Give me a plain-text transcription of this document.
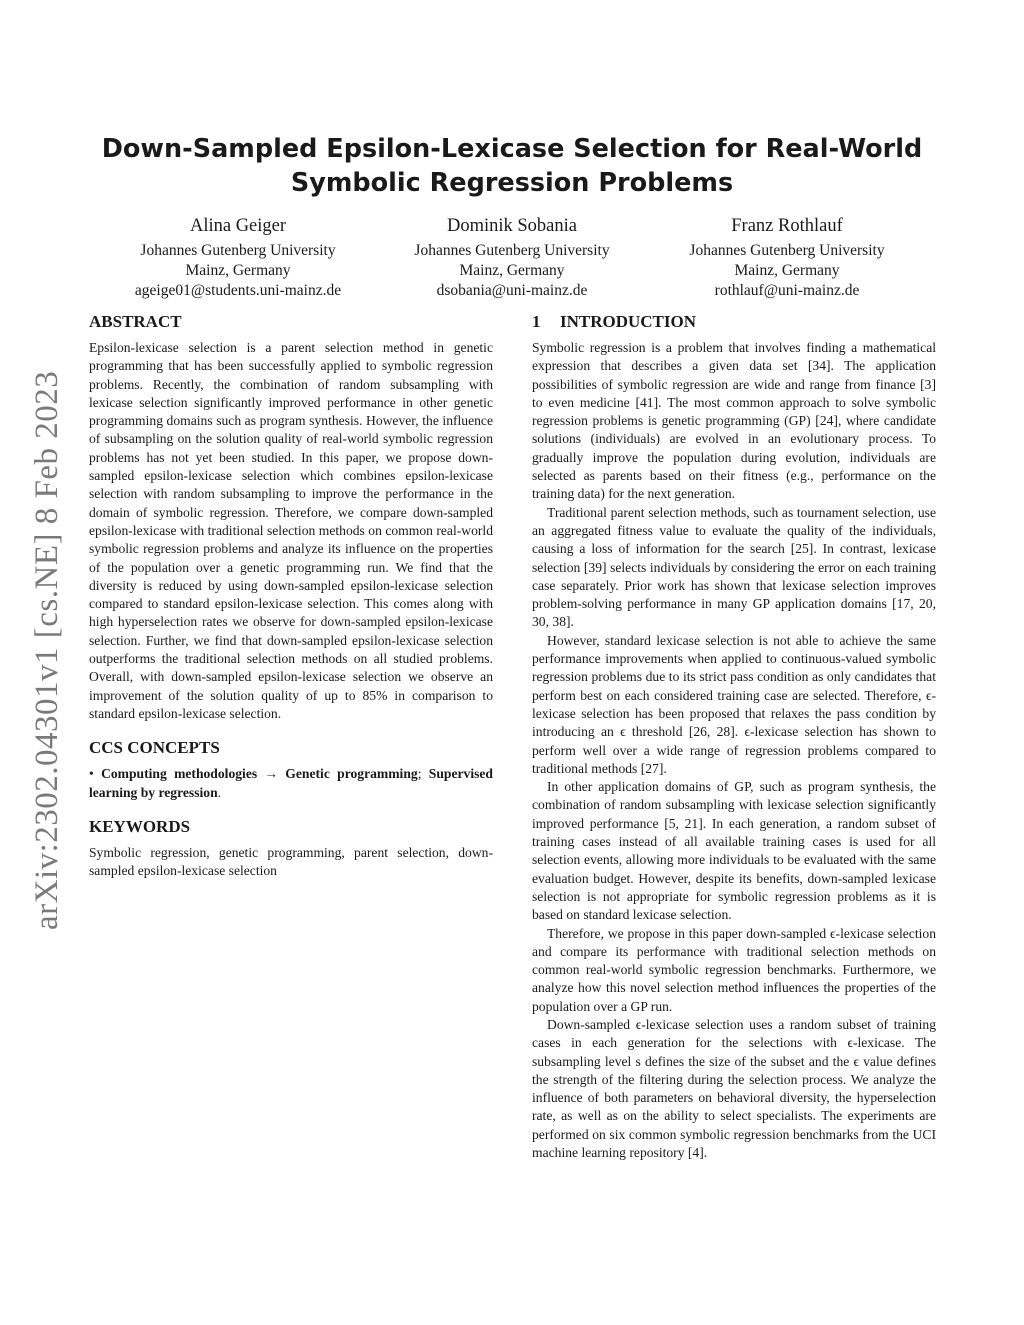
arXiv:2302.04301v1 [cs.NE] 8 Feb 2023
Down-Sampled Epsilon-Lexicase Selection for Real-World
Symbolic Regression Problems
Alina Geiger
Johannes Gutenberg University
Mainz, Germany
ageige01@students.uni-mainz.de
Dominik Sobania
Johannes Gutenberg University
Mainz, Germany
dsobania@uni-mainz.de
Franz Rothlauf
Johannes Gutenberg University
Mainz, Germany
rothlauf@uni-mainz.de
ABSTRACT

Epsilon-lexicase selection is a parent selection method in genetic programming that has been successfully applied to symbolic regression problems. Recently, the combination of random subsampling with lexicase selection significantly improved performance in other genetic programming domains such as program synthesis. However, the influence of subsampling on the solution quality of real-world symbolic regression problems has not yet been studied. In this paper, we propose down-sampled epsilon-lexicase selection which combines epsilon-lexicase selection with random subsampling to improve the performance in the domain of symbolic regression. Therefore, we compare down-sampled epsilon-lexicase with traditional selection methods on common real-world symbolic regression problems and analyze its influence on the properties of the population over a genetic programming run. We find that the diversity is reduced by using down-sampled epsilon-lexicase selection compared to standard epsilon-lexicase selection. This comes along with high hyperselection rates we observe for down-sampled epsilon-lexicase selection. Further, we find that down-sampled epsilon-lexicase selection outperforms the traditional selection methods on all studied problems. Overall, with down-sampled epsilon-lexicase selection we observe an improvement of the solution quality of up to 85% in comparison to standard epsilon-lexicase selection.

CCS CONCEPTS

• Computing methodologies → Genetic programming; Supervised learning by regression.

KEYWORDS

Symbolic regression, genetic programming, parent selection, down-sampled epsilon-lexicase selection

1 INTRODUCTION

Symbolic regression is a problem that involves finding a mathematical expression that describes a given data set [34]. The application possibilities of symbolic regression are wide and range from finance [3] to even medicine [41]. The most common approach to solve symbolic regression problems is genetic programming (GP) [24], where candidate solutions (individuals) are evolved in an evolutionary process. To gradually improve the population during evolution, individuals are selected as parents based on their fitness (e.g., performance on the training data) for the next generation.

Traditional parent selection methods, such as tournament selection, use an aggregated fitness value to evaluate the quality of the individuals, causing a loss of information for the search [25]. In contrast, lexicase selection [39] selects individuals by considering the error on each training case separately. Prior work has shown that lexicase selection improves problem-solving performance in many GP application domains [17, 20, 30, 38].

However, standard lexicase selection is not able to achieve the same performance improvements when applied to continuous-valued symbolic regression problems due to its strict pass condition as only candidates that perform best on each considered training case are selected. Therefore, ϵ-lexicase selection has been proposed that relaxes the pass condition by introducing an ϵ threshold [26, 28]. ϵ-lexicase selection has shown to perform well over a wide range of regression problems compared to traditional methods [27].

In other application domains of GP, such as program synthesis, the combination of random subsampling with lexicase selection significantly improved performance [5, 21]. In each generation, a random subset of training cases instead of all available training cases is used for all selection events, allowing more individuals to be evaluated with the same evaluation budget. However, despite its benefits, down-sampled lexicase selection is not appropriate for symbolic regression problems as it is based on standard lexicase selection.

Therefore, we propose in this paper down-sampled ϵ-lexicase selection and compare its performance with traditional selection methods on common real-world symbolic regression benchmarks. Furthermore, we analyze how this novel selection method influences the properties of the population over a GP run.

Down-sampled ϵ-lexicase selection uses a random subset of training cases in each generation for the selections with ϵ-lexicase. The subsampling level s defines the size of the subset and the ϵ value defines the strength of the filtering during the selection process. We analyze the influence of both parameters on behavioral diversity, the hyperselection rate, as well as on the ability to select specialists. The experiments are performed on six common symbolic regression benchmarks from the UCI machine learning repository [4].
